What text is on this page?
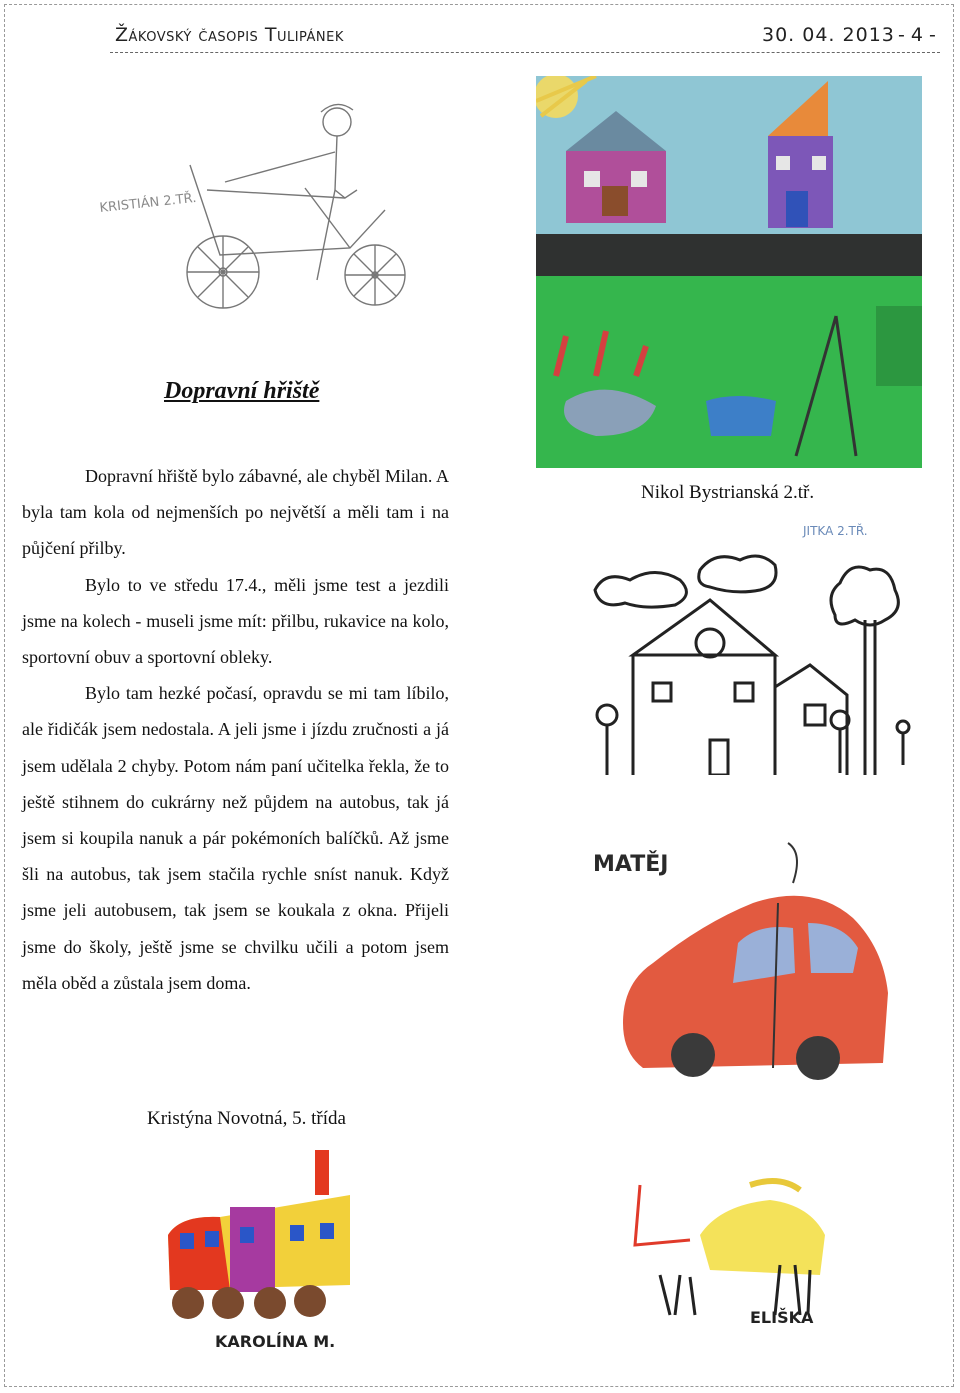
Žákovský časopis Tulipánek	30. 04. 2013 - 4 -
KRISTIÁN 2.TŘ.
Nikol Bystrianská 2.tř.
JITKA 2.TŘ.
MATĚJ
KAROLÍNA M.
ELIŠKA
Dopravní hřiště

Dopravní hřiště bylo zábavné, ale chyběl Milan. A byla tam kola od nejmenších po největší a měli tam i na půjčení přilby.

Bylo to ve středu 17.4., měli jsme test a jezdili jsme na kolech - museli jsme mít: přilbu, rukavice na kolo, sportovní obuv a sportovní obleky.

Bylo tam hezké počasí, opravdu se mi tam líbilo, ale řidičák jsem nedostala. A jeli jsme i jízdu zručnosti a já jsem udělala 2 chyby. Potom nám paní učitelka řekla, že to ještě stihnem do cukrárny než půjdem na autobus, tak já jsem si koupila nanuk a pár pokémoních balíčků. Až jsme šli na autobus, tak jsem stačila rychle sníst nanuk. Když jsme jeli autobusem, tak jsem se koukala z okna. Přijeli jsme do školy, ještě jsme se chvilku učili a potom jsem měla oběd a zůstala jsem doma.

Kristýna Novotná, 5. třída
